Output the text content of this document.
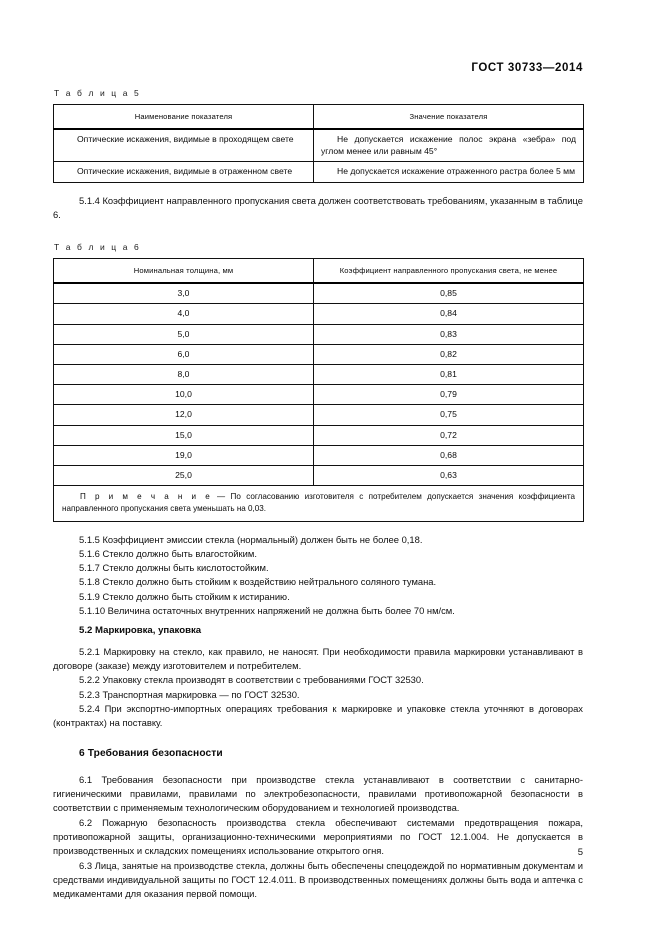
ГОСТ 30733—2014
Т а б л и ц а 5
Наименование показателя	Значение показателя
Оптические искажения, видимые в проходящем свете	Не допускается искажение полос экрана «зебра» под углом менее или равным 45°
Оптические искажения, видимые в отраженном свете	Не допускается искажение отраженного растра более 5 мм

5.1.4 Коэффициент направленного пропускания света должен соответствовать требованиям, указанным в таблице 6.

Т а б л и ц а 6
Номинальная толщина, мм	Коэффициент направленного пропускания света, не менее
3,0	0,85
4,0	0,84
5,0	0,83
6,0	0,82
8,0	0,81
10,0	0,79
12,0	0,75
15,0	0,72
19,0	0,68
25,0	0,63
П р и м е ч а н и е — По согласованию изготовителя с потребителем допускается значения коэффициента направленного пропускания света уменьшать на 0,03.	

5.1.5 Коэффициент эмиссии стекла (нормальный) должен быть не более 0,18.

5.1.6 Стекло должно быть влагостойким.

5.1.7 Стекло должны быть кислотостойким.

5.1.8 Стекло должно быть стойким к воздействию нейтрального соляного тумана.

5.1.9 Стекло должно быть стойким к истиранию.

5.1.10 Величина остаточных внутренних напряжений не должна быть более 70 нм/см.

5.2 Маркировка, упаковка

5.2.1 Маркировку на стекло, как правило, не наносят. При необходимости правила маркировки устанавливают в договоре (заказе) между изготовителем и потребителем.

5.2.2 Упаковку стекла производят в соответствии с требованиями ГОСТ 32530.

5.2.3 Транспортная маркировка — по ГОСТ 32530.

5.2.4 При экспортно-импортных операциях требования к маркировке и упаковке стекла уточняют в договорах (контрактах) на поставку.

6 Требования безопасности

6.1 Требования безопасности при производстве стекла устанавливают в соответствии с санитарно-гигиеническими правилами, правилами по электробезопасности, правилами противопожарной безопасности в соответствии с применяемым технологическим оборудованием и технологией производства.

6.2 Пожарную безопасность производства стекла обеспечивают системами предотвращения пожара, противопожарной защиты, организационно-техническими мероприятиями по ГОСТ 12.1.004. Не допускается в производственных и складских помещениях использование открытого огня.

6.3 Лица, занятые на производстве стекла, должны быть обеспечены спецодеждой по нормативным документам и средствами индивидуальной защиты по ГОСТ 12.4.011. В производственных помещениях должны быть вода и аптечка с медикаментами для оказания первой помощи.

5
